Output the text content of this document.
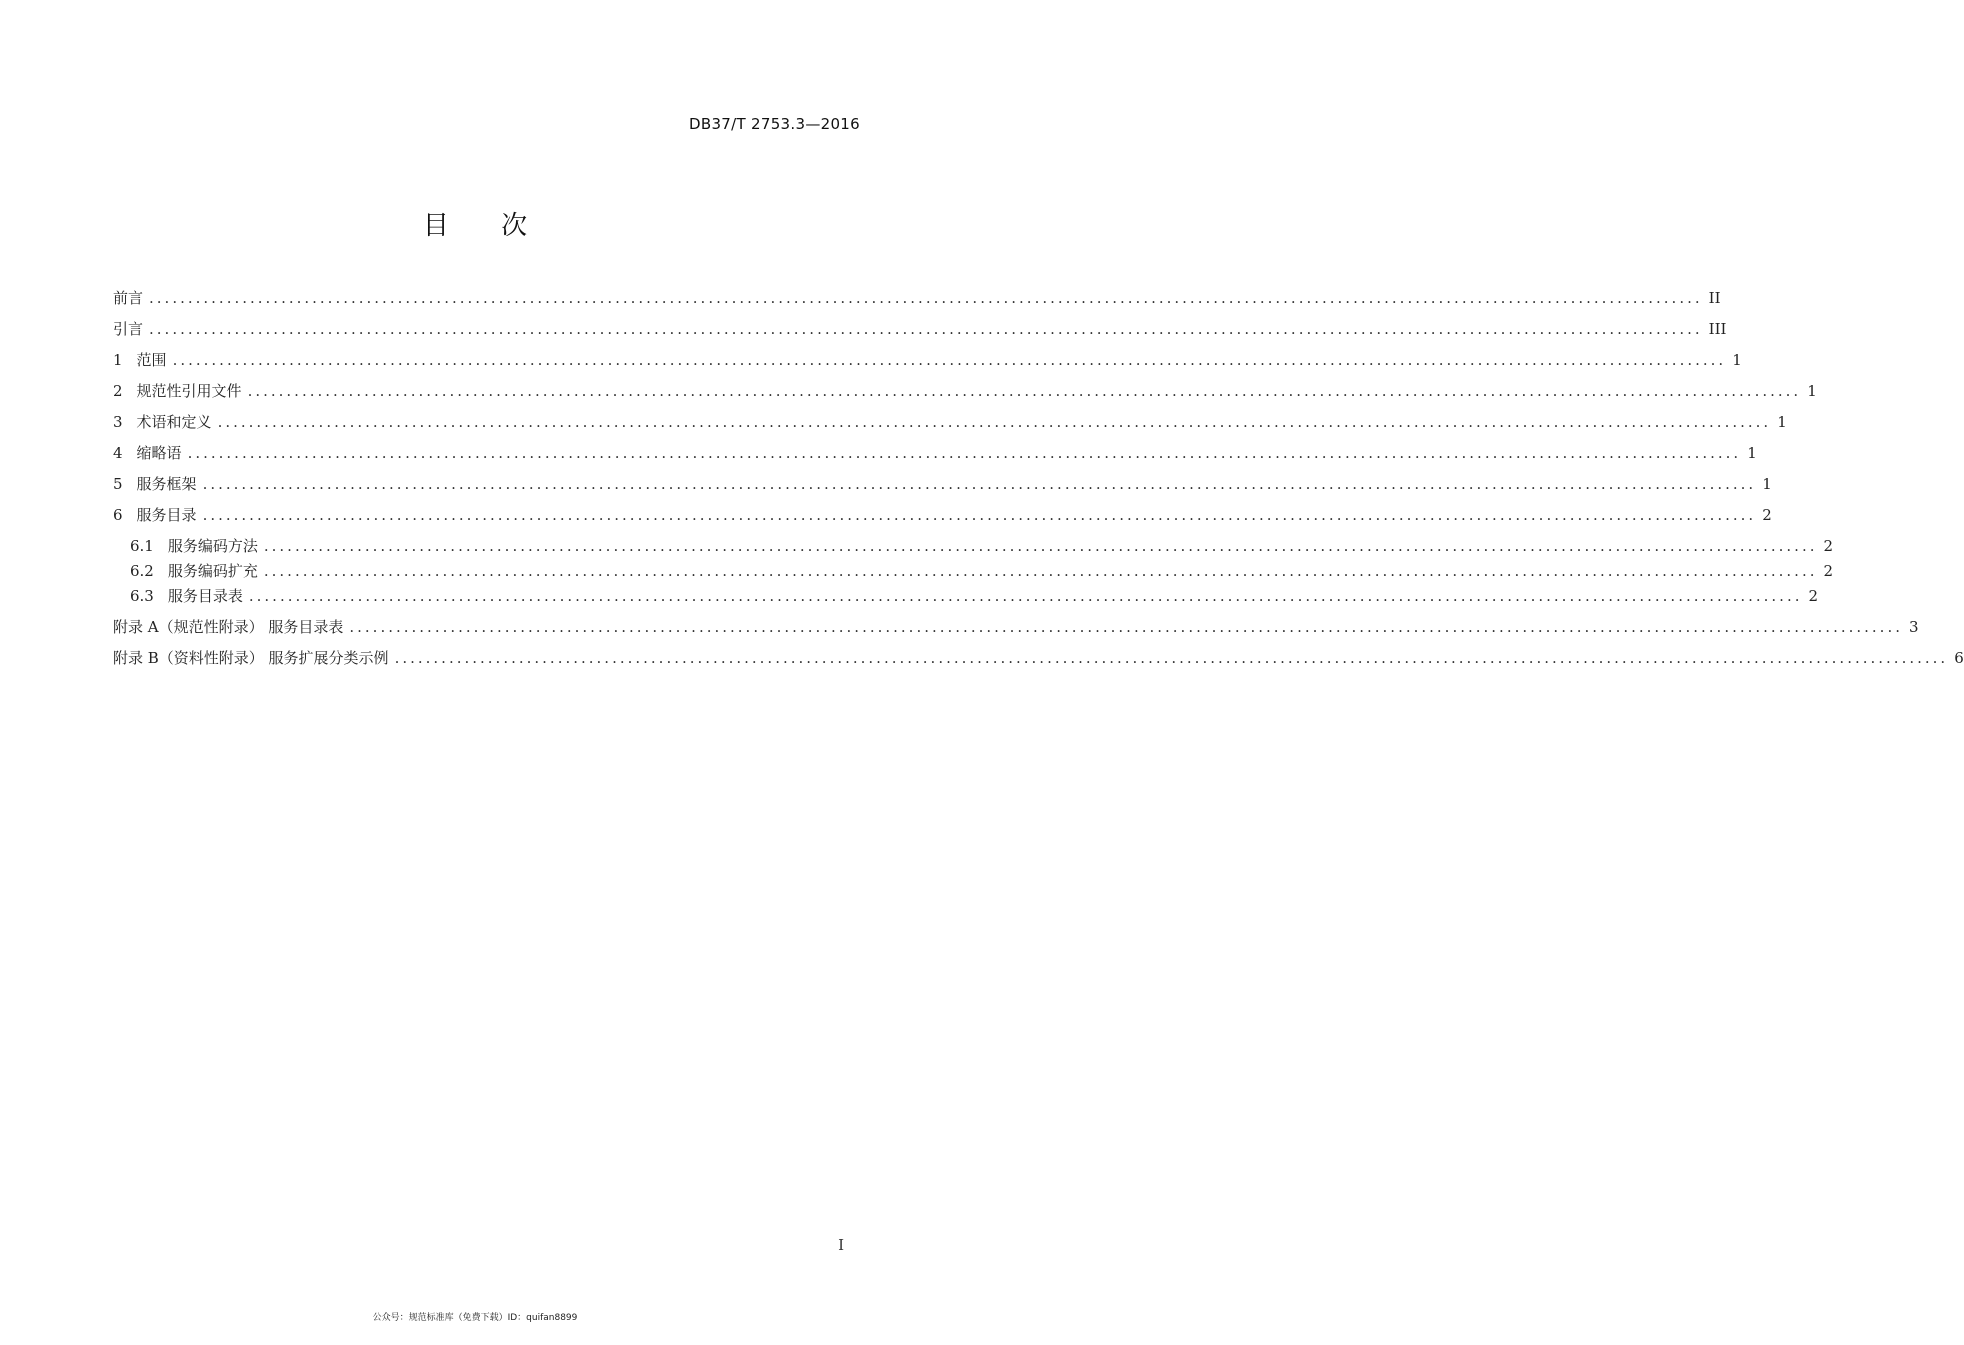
DB37/T 2753.3—2016
目 次
前言 ........................................................................................................................................................................................................ II
引言 ........................................................................................................................................................................................................ III
1 范围 ........................................................................................................................................................................................................ 1
2 规范性引用文件 ........................................................................................................................................................................................................ 1
3 术语和定义 ........................................................................................................................................................................................................ 1
4 缩略语 ........................................................................................................................................................................................................ 1
5 服务框架 ........................................................................................................................................................................................................ 1
6 服务目录 ........................................................................................................................................................................................................ 2
6.1 服务编码方法 ........................................................................................................................................................................................................ 2
6.2 服务编码扩充 ........................................................................................................................................................................................................ 2
6.3 服务目录表 ........................................................................................................................................................................................................ 2
附录 A（规范性附录） 服务目录表 ........................................................................................................................................................................................................ 3
附录 B（资料性附录） 服务扩展分类示例 ........................................................................................................................................................................................................ 6
I
公众号：规范标准库（免费下载）ID：quifan8899
